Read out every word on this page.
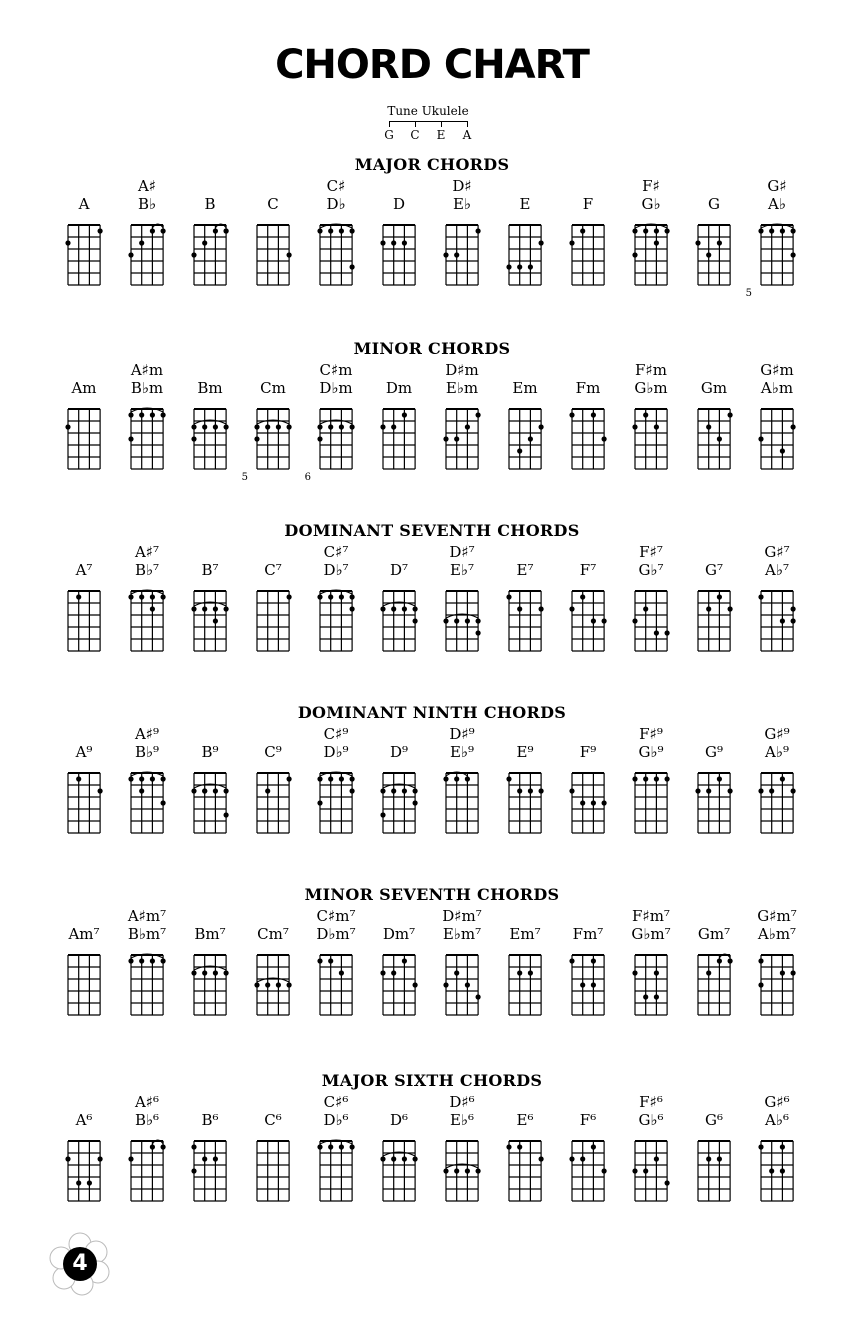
CHORD CHART
Tune Ukulele
G	C	E	A
MAJOR CHORDS
A
A♯
B♭	B	C
C♯
D♭	D
D♯
E♭	E	F
F♯
G♭	G
G♯
A♭
5
MINOR CHORDS
Am
A♯m
B♭m	Bm	Cm
5
C♯m
D♭m
6
Dm
D♯m
E♭m	Em	Fm
F♯m
G♭m	Gm
G♯m
A♭m
DOMINANT SEVENTH CHORDS
A⁷
A♯⁷
B♭⁷	B⁷	C⁷
C♯⁷
D♭⁷	D⁷
D♯⁷
E♭⁷	E⁷	F⁷
F♯⁷
G♭⁷	G⁷
G♯⁷
A♭⁷
DOMINANT NINTH CHORDS
A⁹
A♯⁹
B♭⁹	B⁹	C⁹
C♯⁹
D♭⁹	D⁹
D♯⁹
E♭⁹	E⁹	F⁹
F♯⁹
G♭⁹	G⁹
G♯⁹
A♭⁹
MINOR SEVENTH CHORDS
Am⁷
A♯m⁷
B♭m⁷	Bm⁷	Cm⁷
C♯m⁷
D♭m⁷	Dm⁷
D♯m⁷
E♭m⁷	Em⁷	Fm⁷
F♯m⁷
G♭m⁷	Gm⁷
G♯m⁷
A♭m⁷
MAJOR SIXTH CHORDS
A⁶
A♯⁶
B♭⁶	B⁶	C⁶
C♯⁶
D♭⁶	D⁶
D♯⁶
E♭⁶	E⁶	F⁶
F♯⁶
G♭⁶	G⁶
G♯⁶
A♭⁶
4
